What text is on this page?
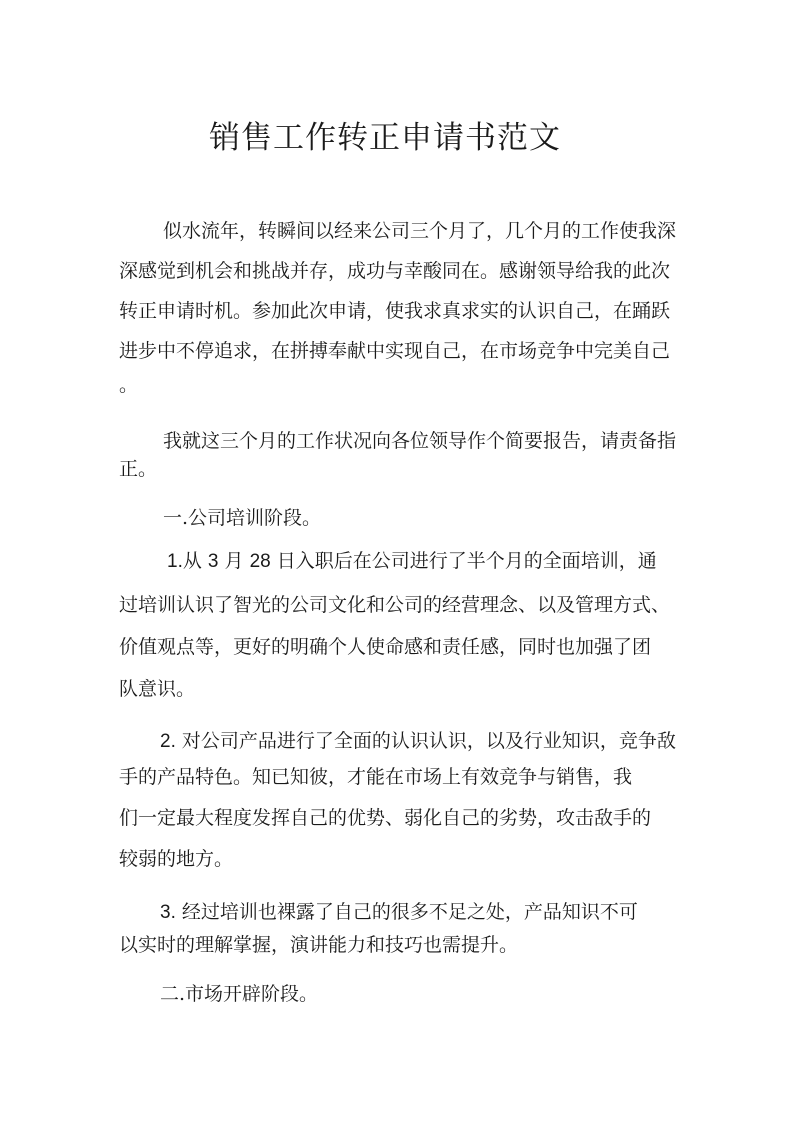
销售工作转正申请书范文
似水流年，转瞬间以经来公司三个月了，几个月的工作使我深
深感觉到机会和挑战并存，成功与幸酸同在。感谢领导给我的此次
转正申请时机。参加此次申请，使我求真求实的认识自己，在踊跃
进步中不停追求，在拼搏奉献中实现自己，在市场竞争中完美自己
。
我就这三个月的工作状况向各位领导作个简要报告，请责备指
正。
一.公司培训阶段。
1.从 3 月 28 日入职后在公司进行了半个月的全面培训，通
过培训认识了智光的公司文化和公司的经营理念、以及管理方式、
价值观点等，更好的明确个人使命感和责任感，同时也加强了团
队意识。
2. 对公司产品进行了全面的认识认识，以及行业知识，竞争敌
手的产品特色。知已知彼，才能在市场上有效竞争与销售，我
们一定最大程度发挥自己的优势、弱化自己的劣势，攻击敌手的
较弱的地方。
3. 经过培训也裸露了自己的很多不足之处，产品知识不可
以实时的理解掌握，演讲能力和技巧也需提升。
二.市场开辟阶段。
